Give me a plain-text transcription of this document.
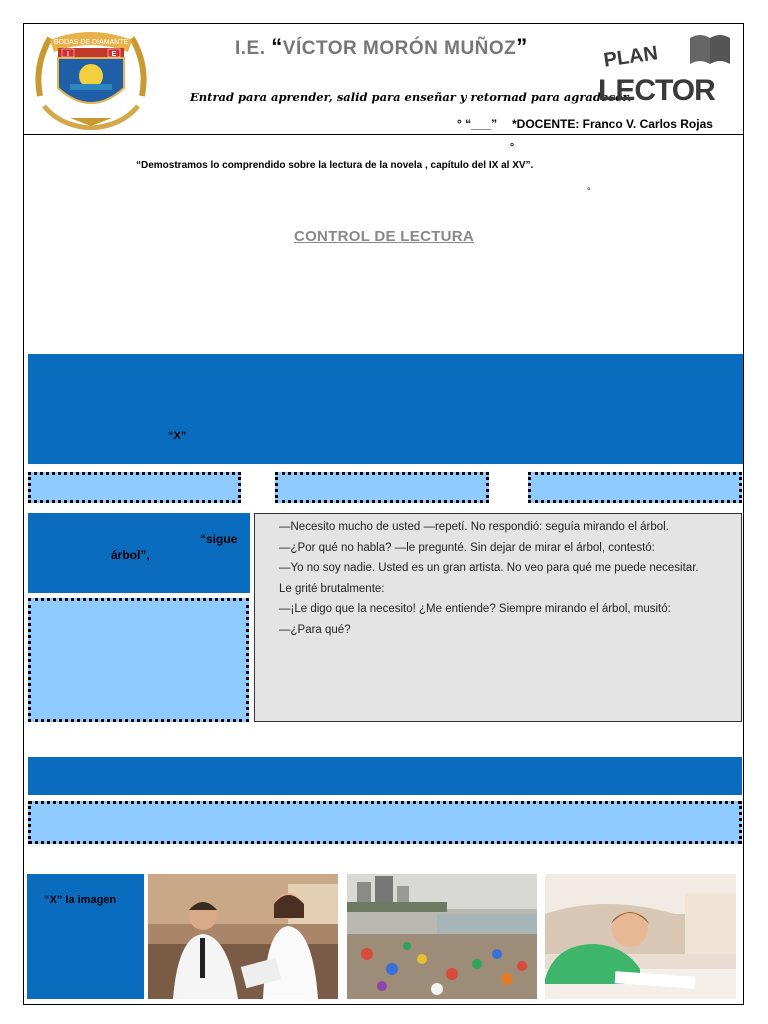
BODAS DE DIAMANTE
I	E	I.E. “VÍCTOR MORÓN MUÑOZ”
Entrad para aprender, salid para enseñar y retornad para agradecer.
PLAN
LECTOR
° “___” *DOCENTE: Franco V. Carlos Rojas
°
“Demostramos lo comprendido sobre la lectura de la novela , capítulo del IX al XV”.
°
CONTROL DE LECTURA
“X”
“sigue
árbol”,

—Necesito mucho de usted —repetí. No respondió: seguía mirando el árbol.

—¿Por qué no habla? —le pregunté. Sin dejar de mirar el árbol, contestó:

—Yo no soy nadie. Usted es un gran artista. No veo para qué me puede necesitar.

Le grité brutalmente:

—¡Le digo que la necesito! ¿Me entiende? Siempre mirando el árbol, musitó:

—¿Para qué?

“X” la imagen
